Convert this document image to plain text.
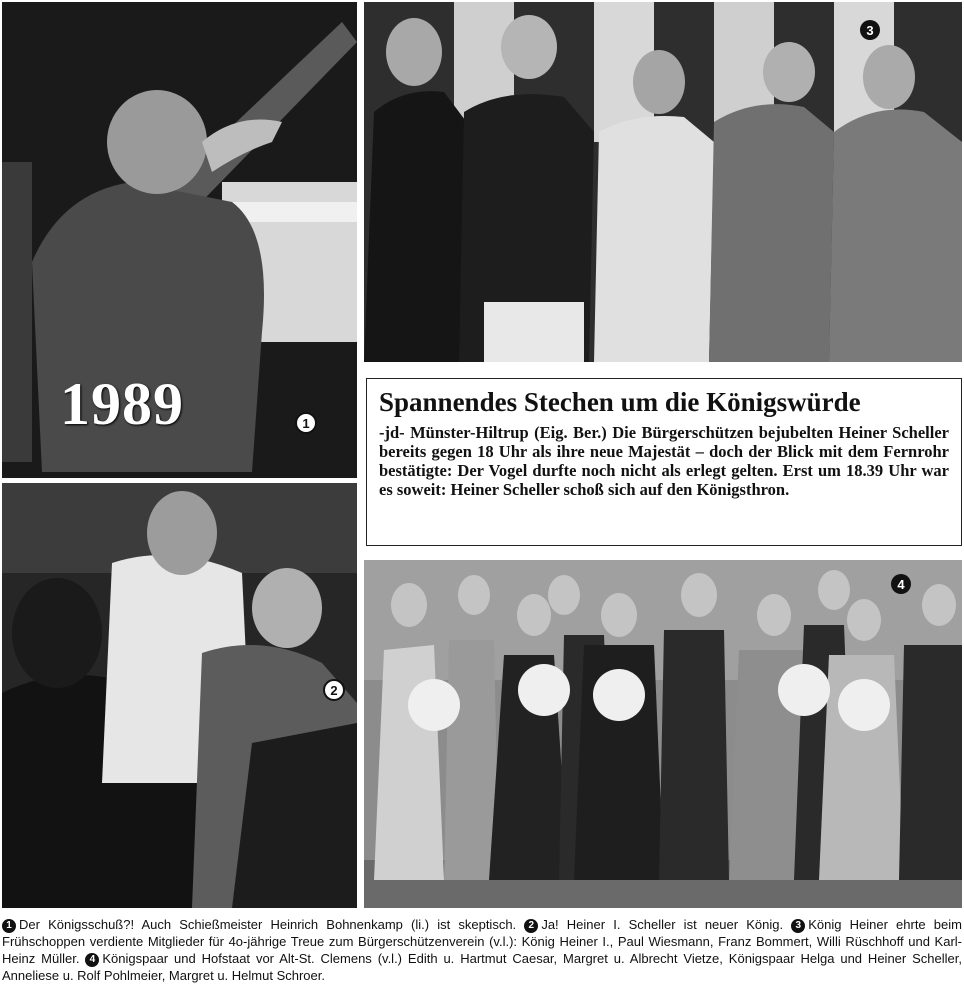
1989	1
3
Spannendes Stechen um die Königswürde

-jd- Münster-Hiltrup (Eig. Ber.) Die Bürgerschützen bejubelten Heiner Scheller bereits gegen 18 Uhr als ihre neue Majestät – doch der Blick mit dem Fernrohr bestätigte: Der Vogel durfte noch nicht als erlegt gelten. Erst um 18.39 Uhr war es soweit: Heiner Scheller schoß sich auf den Königsthron.

2
4
1 Der Königsschuß?! Auch Schießmeister Heinrich Bohnenkamp (li.) ist skeptisch. 2 Ja! Heiner I. Scheller ist neuer König. 3 König Heiner ehrte beim Frühschoppen verdiente Mitglieder für 4o-jährige Treue zum Bürgerschützenverein (v.l.): König Heiner I., Paul Wiesmann, Franz Bommert, Willi Rüschhoff und Karl-Heinz Müller. 4 Königspaar und Hofstaat vor Alt-St. Clemens (v.l.) Edith u. Hartmut Caesar, Margret u. Albrecht Vietze, Königspaar Helga und Heiner Scheller, Anneliese u. Rolf Pohlmeier, Margret u. Helmut Schroer.
